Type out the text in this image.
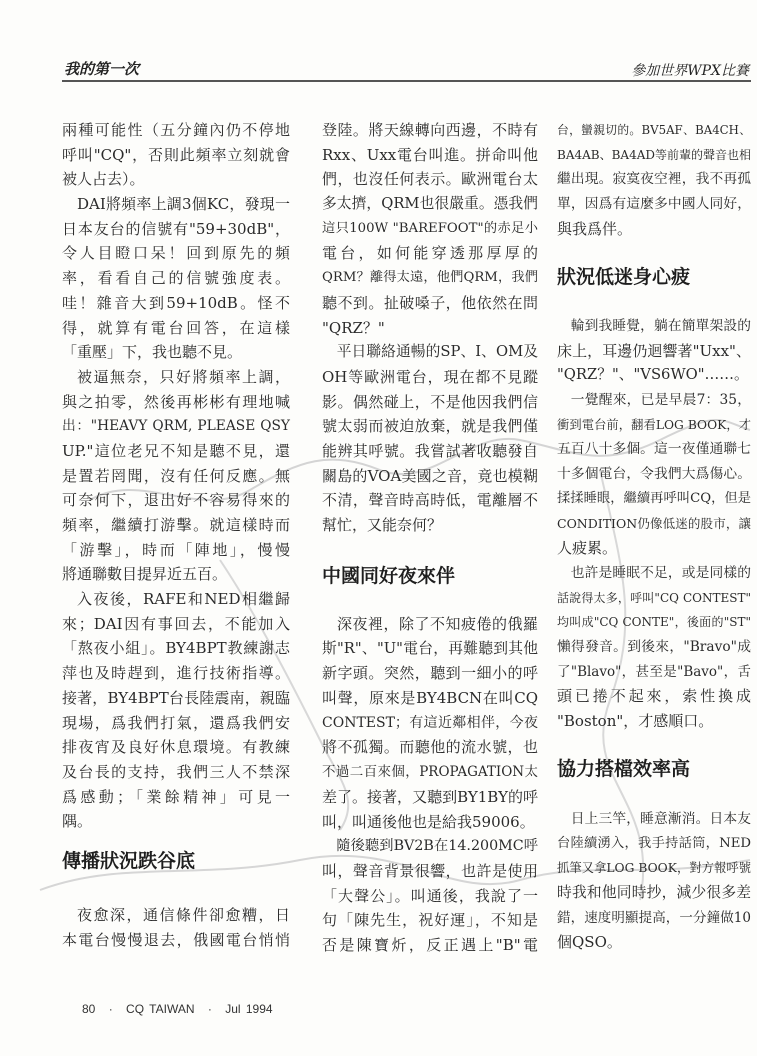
我的第一次	參加世界WPX比賽
兩種可能性（五分鐘內仍不停地
呼叫"CQ"，否則此頻率立刻就會
被人占去）。
DAI將頻率上調3個KC，發現一
日本友台的信號有"59+30dB"，
令人目瞪口呆！回到原先的頻
率，看看自己的信號強度表。
哇！雜音大到59+10dB。怪不
得，就算有電台回答，在這樣
「重壓」下，我也聽不見。
被逼無奈，只好將頻率上調，
與之拍零，然後再彬彬有理地喊
出："HEAVY QRM, PLEASE QSY
UP."這位老兄不知是聽不見，還
是置若罔聞，沒有任何反應。無
可奈何下，退出好不容易得來的
頻率，繼續打游擊。就這樣時而
「游擊」，時而「陣地」，慢慢
將通聯數目提昇近五百。
入夜後，RAFE和NED相繼歸
來；DAI因有事回去，不能加入
「熬夜小組」。BY4BPT教練謝志
萍也及時趕到，進行技術指導。
接著，BY4BPT台長陸震南，親臨
現場，爲我們打氣，還爲我們安
排夜宵及良好休息環境。有教練
及台長的支持，我們三人不禁深
爲感動；「業餘精神」可見一
隅。
傳播狀況跌谷底
夜愈深，通信條件卻愈糟，日
本電台慢慢退去，俄國電台悄悄
登陸。將天線轉向西邊，不時有
Rxx、Uxx電台叫進。拼命叫他
們，也沒任何表示。歐洲電台太
多太擠，QRM也很嚴重。憑我們
這只100W "BAREFOOT"的赤足小
電台，如何能穿透那厚厚的
QRM？離得太遠，他們QRM，我們
聽不到。扯破嗓子，他依然在問
"QRZ？"
平日聯絡通暢的SP、I、OM及
OH等歐洲電台，現在都不見蹤
影。偶然碰上，不是他因我們信
號太弱而被迫放棄，就是我們僅
能辨其呼號。我嘗試著收聽發自
關島的VOA美國之音，竟也模糊
不清，聲音時高時低，電離層不
幫忙，又能奈何？
中國同好夜來伴
深夜裡，除了不知疲倦的俄羅
斯"R"、"U"電台，再難聽到其他
新字頭。突然，聽到一細小的呼
叫聲，原來是BY4BCN在叫CQ
CONTEST；有這近鄰相伴，今夜
將不孤獨。而聽他的流水號，也
不過二百來個，PROPAGATION太
差了。接著，又聽到BY1BY的呼
叫，叫通後他也是給我59006。
隨後聽到BV2B在14.200MC呼
叫，聲音背景很響，也許是使用
「大聲公」。叫通後，我說了一
句「陳先生，祝好運」，不知是
否是陳寶炘，反正遇上"B"電
台，蠻親切的。BV5AF、BA4CH、
BA4AB、BA4AD等前輩的聲音也相
繼出現。寂寞夜空裡，我不再孤
單，因爲有這麼多中國人同好，
與我爲伴。
狀況低迷身心疲
輪到我睡覺，躺在簡單架設的
床上，耳邊仍迴響著"Uxx"、
"QRZ？"、"VS6WO"……。
一覺醒來，已是早晨7：35，
衝到電台前，翻看LOG BOOK，才
五百八十多個。這一夜僅通聯七
十多個電台，令我們大爲傷心。
揉揉睡眼，繼續再呼叫CQ，但是
CONDITION仍像低迷的股市，讓
人疲累。
也許是睡眠不足，或是同樣的
話說得太多，呼叫"CQ CONTEST"
均叫成"CQ CONTE"，後面的"ST"
懶得發音。到後來，"Bravo"成
了"Blavo"，甚至是"Bavo"，舌
頭已捲不起來，索性換成
"Boston"，才感順口。
協力搭檔效率高
日上三竿，睡意漸消。日本友
台陸續湧入，我手持話筒，NED
抓筆又拿LOG BOOK，對方報呼號
時我和他同時抄，減少很多差
錯，速度明顯提高，一分鐘做10
個QSO。
80 · CQ TAIWAN · Jul 1994
